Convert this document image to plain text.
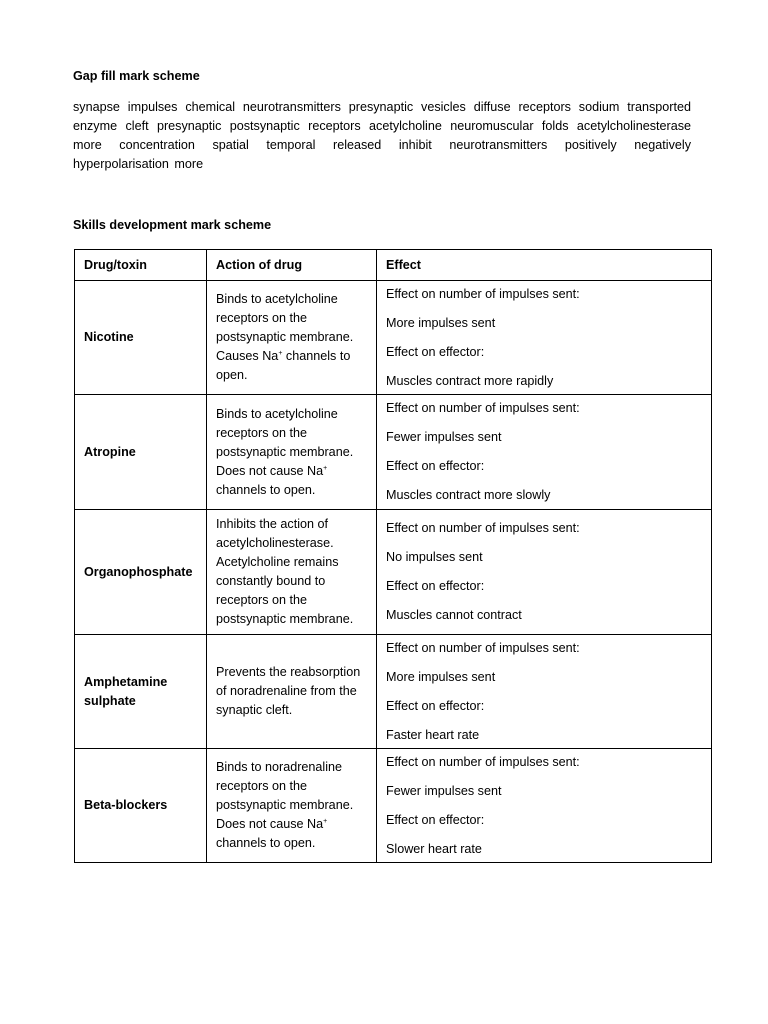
Gap fill mark scheme
synapse impulses chemical neurotransmitters presynaptic vesicles diffuse receptors sodium transported enzyme cleft presynaptic postsynaptic receptors acetylcholine neuromuscular folds acetylcholinesterase more concentration spatial temporal released inhibit neurotransmitters positively negatively hyperpolarisation more
Skills development mark scheme
Drug/toxin	Action of drug	Effect
Nicotine	Binds to acetylcholine receptors on the postsynaptic membrane. Causes Na+ channels to open.	Effect on number of impulses sent:

More impulses sent

Effect on effector:

Muscles contract more rapidly

Atropine	Binds to acetylcholine receptors on the postsynaptic membrane. Does not cause Na+ channels to open.	Effect on number of impulses sent:

Fewer impulses sent

Effect on effector:

Muscles contract more slowly

Organophosphate	Inhibits the action of acetylcholinesterase. Acetylcholine remains constantly bound to receptors on the postsynaptic membrane.	Effect on number of impulses sent:

No impulses sent

Effect on effector:

Muscles cannot contract

Amphetamine sulphate	Prevents the reabsorption of noradrenaline from the synaptic cleft.	Effect on number of impulses sent:

More impulses sent

Effect on effector:

Faster heart rate

Beta-blockers	Binds to noradrenaline receptors on the postsynaptic membrane. Does not cause Na+ channels to open.	Effect on number of impulses sent:

Fewer impulses sent

Effect on effector:

Slower heart rate
